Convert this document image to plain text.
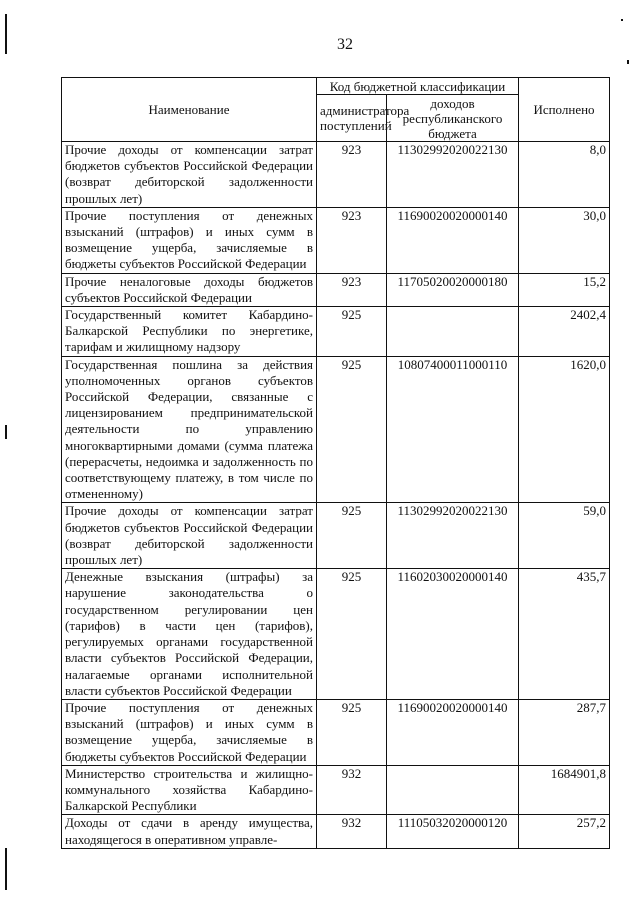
32
Наименование	Код бюджетной классификации		Исполнено
	администратора поступлений	доходов республиканского бюджета	
Прочие доходы от компенсации затрат бюджетов субъектов Российской Федерации (возврат дебиторской задолженности прошлых лет)	923	11302992020022130	8,0
Прочие поступления от денежных взысканий (штрафов) и иных сумм в возмещение ущерба, зачисляемые в бюджеты субъектов Российской Федерации	923	11690020020000140	30,0
Прочие неналоговые доходы бюджетов субъектов Российской Федерации	923	11705020020000180	15,2
Государственный комитет Кабардино-Балкарской Республики по энергетике, тарифам и жилищному надзору	925		2402,4
Государственная пошлина за действия уполномоченных органов субъектов Российской Федерации, связанные с лицензированием предпринимательской деятельности по управлению многоквартирными домами (сумма платежа (перерасчеты, недоимка и задолженность по соответствующему платежу, в том числе по отмененному)	925	10807400011000110	1620,0
Прочие доходы от компенсации затрат бюджетов субъектов Российской Федерации (возврат дебиторской задолженности прошлых лет)	925	11302992020022130	59,0
Денежные взыскания (штрафы) за нарушение законодательства о государственном регулировании цен (тарифов) в части цен (тарифов), регулируемых органами государственной власти субъектов Российской Федерации, налагаемые органами исполнительной власти субъектов Российской Федерации	925	11602030020000140	435,7
Прочие поступления от денежных взысканий (штрафов) и иных сумм в возмещение ущерба, зачисляемые в бюджеты субъектов Российской Федерации	925	11690020020000140	287,7
Министерство строительства и жилищно-коммунального хозяйства Кабардино-Балкарской Республики	932		1684901,8
Доходы от сдачи в аренду имущества, находящегося в оперативном управле-	932	11105032020000120	257,2
